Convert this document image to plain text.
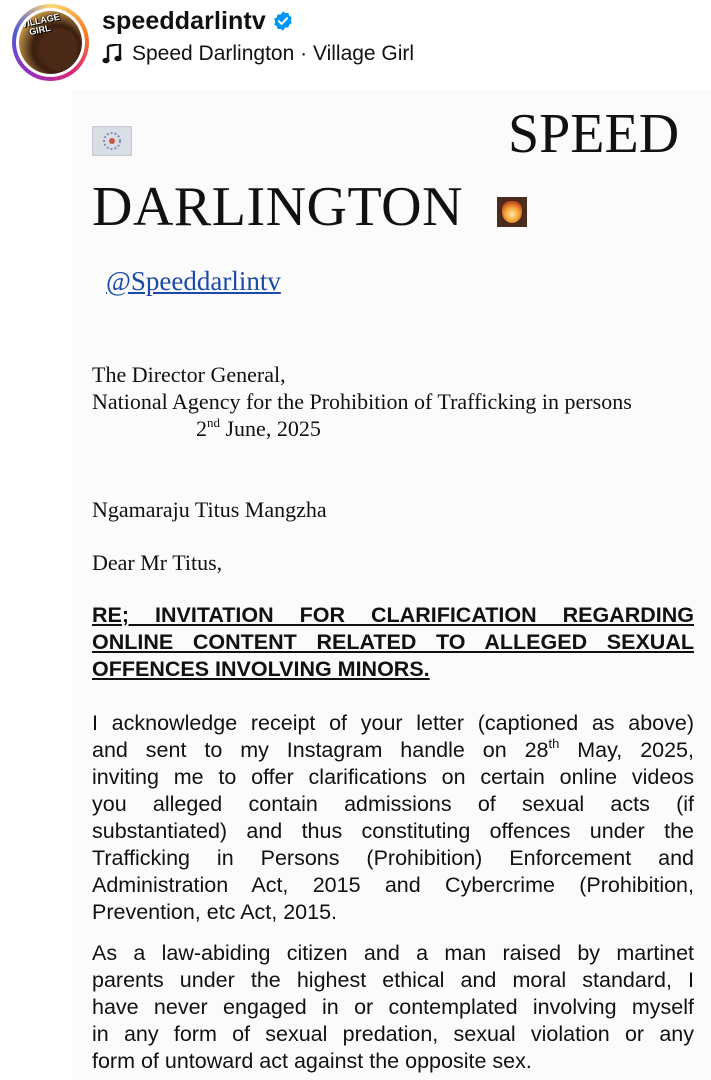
VILLAGE GIRL speeddarlintv
Speed Darlington · Village Girl
SPEED
DARLINGTON
@Speeddarlintv
The Director General,
National Agency for the Prohibition of Trafficking in persons
2nd June, 2025
Ngamaraju Titus Mangzha
Dear Mr Titus,
RE; INVITATION FOR CLARIFICATION REGARDING
ONLINE CONTENT RELATED TO ALLEGED SEXUAL
OFFENCES INVOLVING MINORS.
I acknowledge receipt of your letter (captioned as above)
and sent to my Instagram handle on 28th May, 2025,
inviting me to offer clarifications on certain online videos
you alleged contain admissions of sexual acts (if
substantiated) and thus constituting offences under the
Trafficking in Persons (Prohibition) Enforcement and
Administration Act, 2015 and Cybercrime (Prohibition,
Prevention, etc Act, 2015.
As a law-abiding citizen and a man raised by martinet
parents under the highest ethical and moral standard, I
have never engaged in or contemplated involving myself
in any form of sexual predation, sexual violation or any
form of untoward act against the opposite sex.
